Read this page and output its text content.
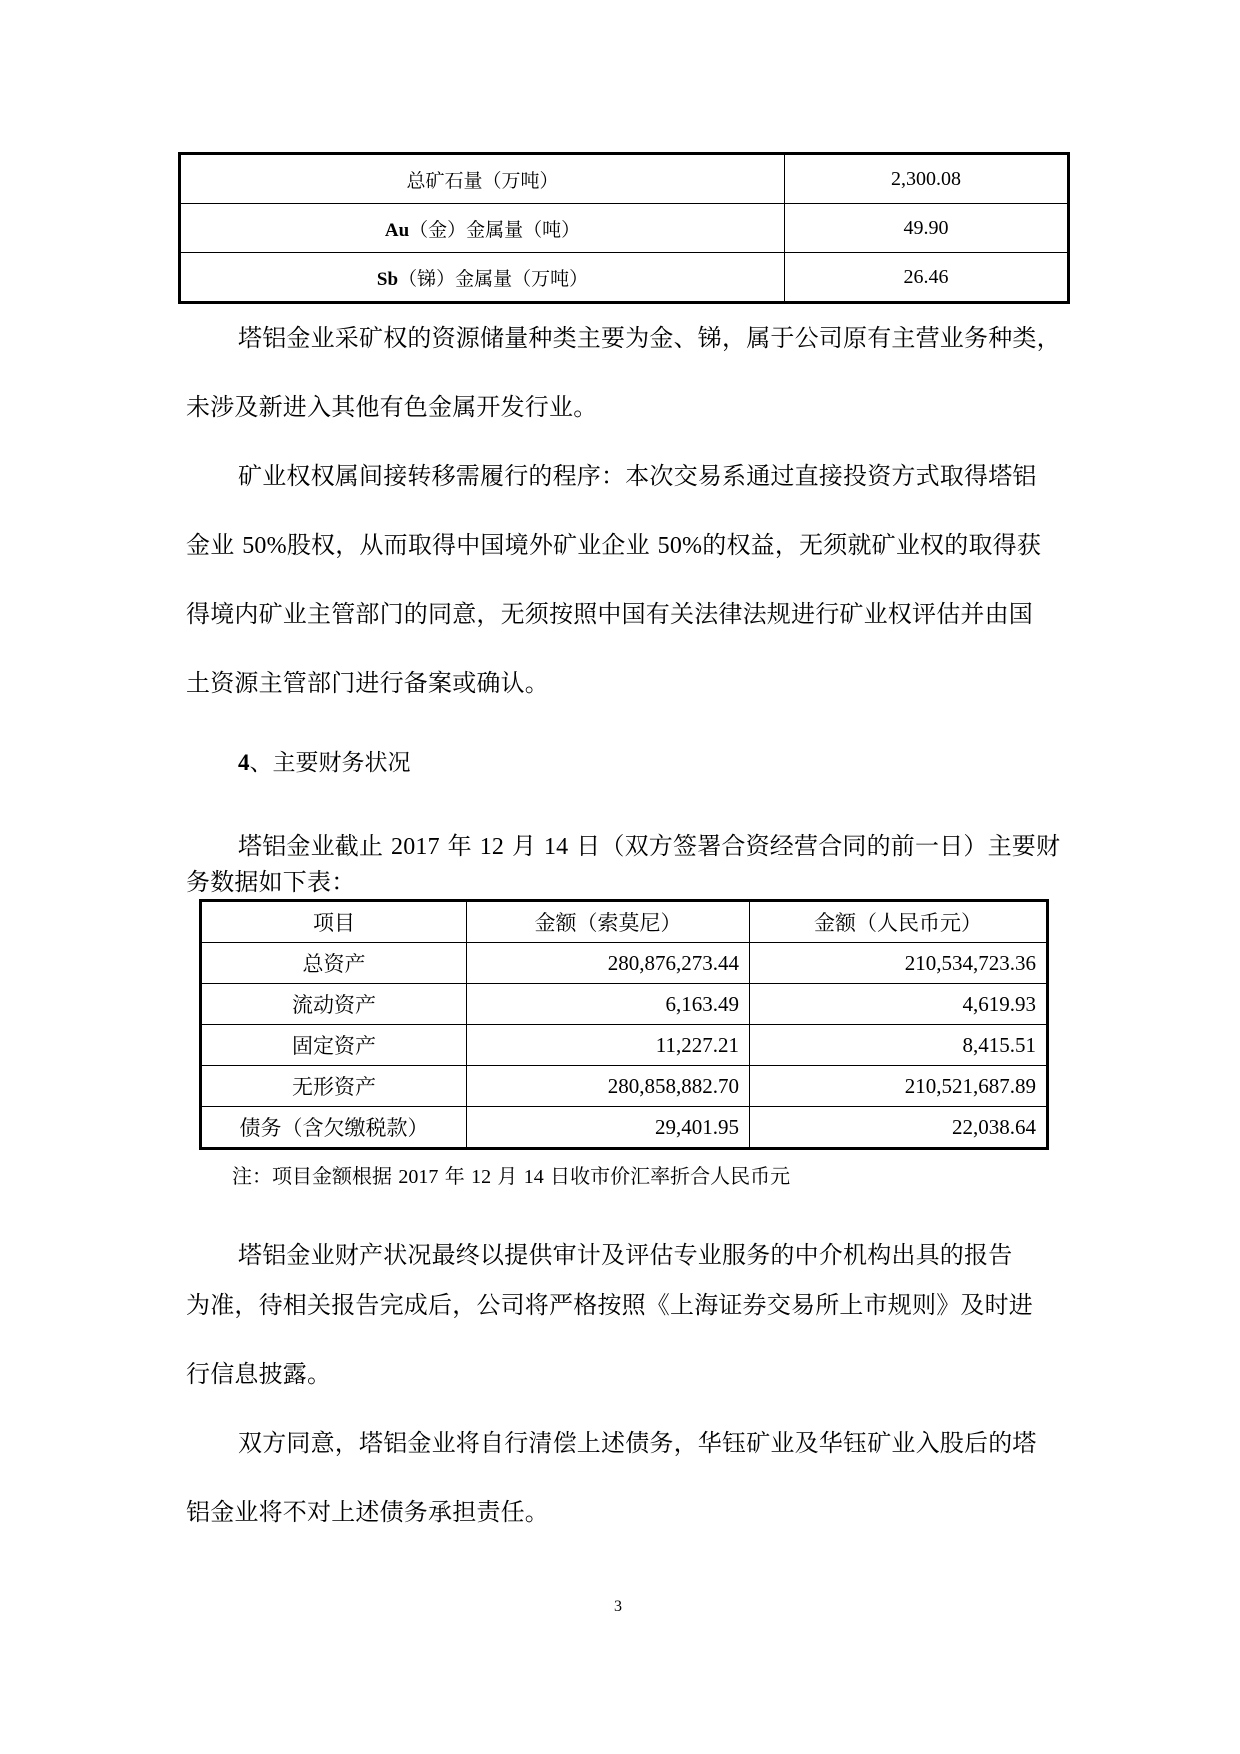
总矿石量（万吨）	2,300.08
Au（金）金属量（吨）	49.90
Sb（锑）金属量（万吨）	26.46
塔铝金业采矿权的资源储量种类主要为金、锑，属于公司原有主营业务种类，
未涉及新进入其他有色金属开发行业。
矿业权权属间接转移需履行的程序：本次交易系通过直接投资方式取得塔铝
金业 50%股权，从而取得中国境外矿业企业 50%的权益，无须就矿业权的取得获
得境内矿业主管部门的同意，无须按照中国有关法律法规进行矿业权评估并由国
土资源主管部门进行备案或确认。
4、主要财务状况
塔铝金业截止 2017 年 12 月 14 日（双方签署合资经营合同的前一日）主要财
务数据如下表：
项目	金额（索莫尼）	金额（人民币元）
总资产	280,876,273.44	210,534,723.36
流动资产	6,163.49	4,619.93
固定资产	11,227.21	8,415.51
无形资产	280,858,882.70	210,521,687.89
债务（含欠缴税款）	29,401.95	22,038.64
注：项目金额根据 2017 年 12 月 14 日收市价汇率折合人民币元
塔铝金业财产状况最终以提供审计及评估专业服务的中介机构出具的报告
为准，待相关报告完成后，公司将严格按照《上海证券交易所上市规则》及时进
行信息披露。
双方同意，塔铝金业将自行清偿上述债务，华钰矿业及华钰矿业入股后的塔
铝金业将不对上述债务承担责任。
3
